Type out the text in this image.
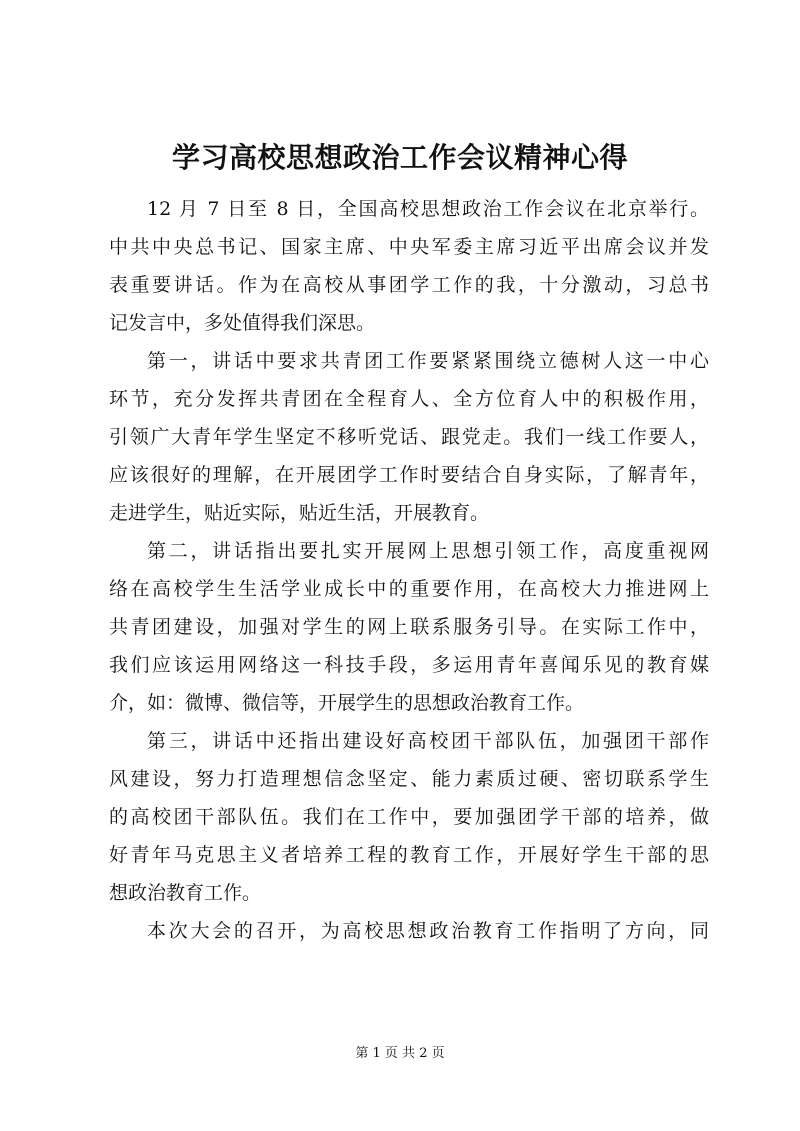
学习高校思想政治工作会议精神心得
12 月 7 日至 8 日，全国高校思想政治工作会议在北京举行。
中共中央总书记、国家主席、中央军委主席习近平出席会议并发
表重要讲话。作为在高校从事团学工作的我，十分激动，习总书
记发言中，多处值得我们深思。
第一，讲话中要求共青团工作要紧紧围绕立德树人这一中心
环节，充分发挥共青团在全程育人、全方位育人中的积极作用，
引领广大青年学生坚定不移听党话、跟党走。我们一线工作要人，
应该很好的理解，在开展团学工作时要结合自身实际，了解青年，
走进学生，贴近实际，贴近生活，开展教育。
第二，讲话指出要扎实开展网上思想引领工作，高度重视网
络在高校学生生活学业成长中的重要作用，在高校大力推进网上
共青团建设，加强对学生的网上联系服务引导。在实际工作中，
我们应该运用网络这一科技手段，多运用青年喜闻乐见的教育媒
介，如：微博、微信等，开展学生的思想政治教育工作。
第三，讲话中还指出建设好高校团干部队伍，加强团干部作
风建设，努力打造理想信念坚定、能力素质过硬、密切联系学生
的高校团干部队伍。我们在工作中，要加强团学干部的培养，做
好青年马克思主义者培养工程的教育工作，开展好学生干部的思
想政治教育工作。
本次大会的召开，为高校思想政治教育工作指明了方向，同
第 1 页 共 2 页
